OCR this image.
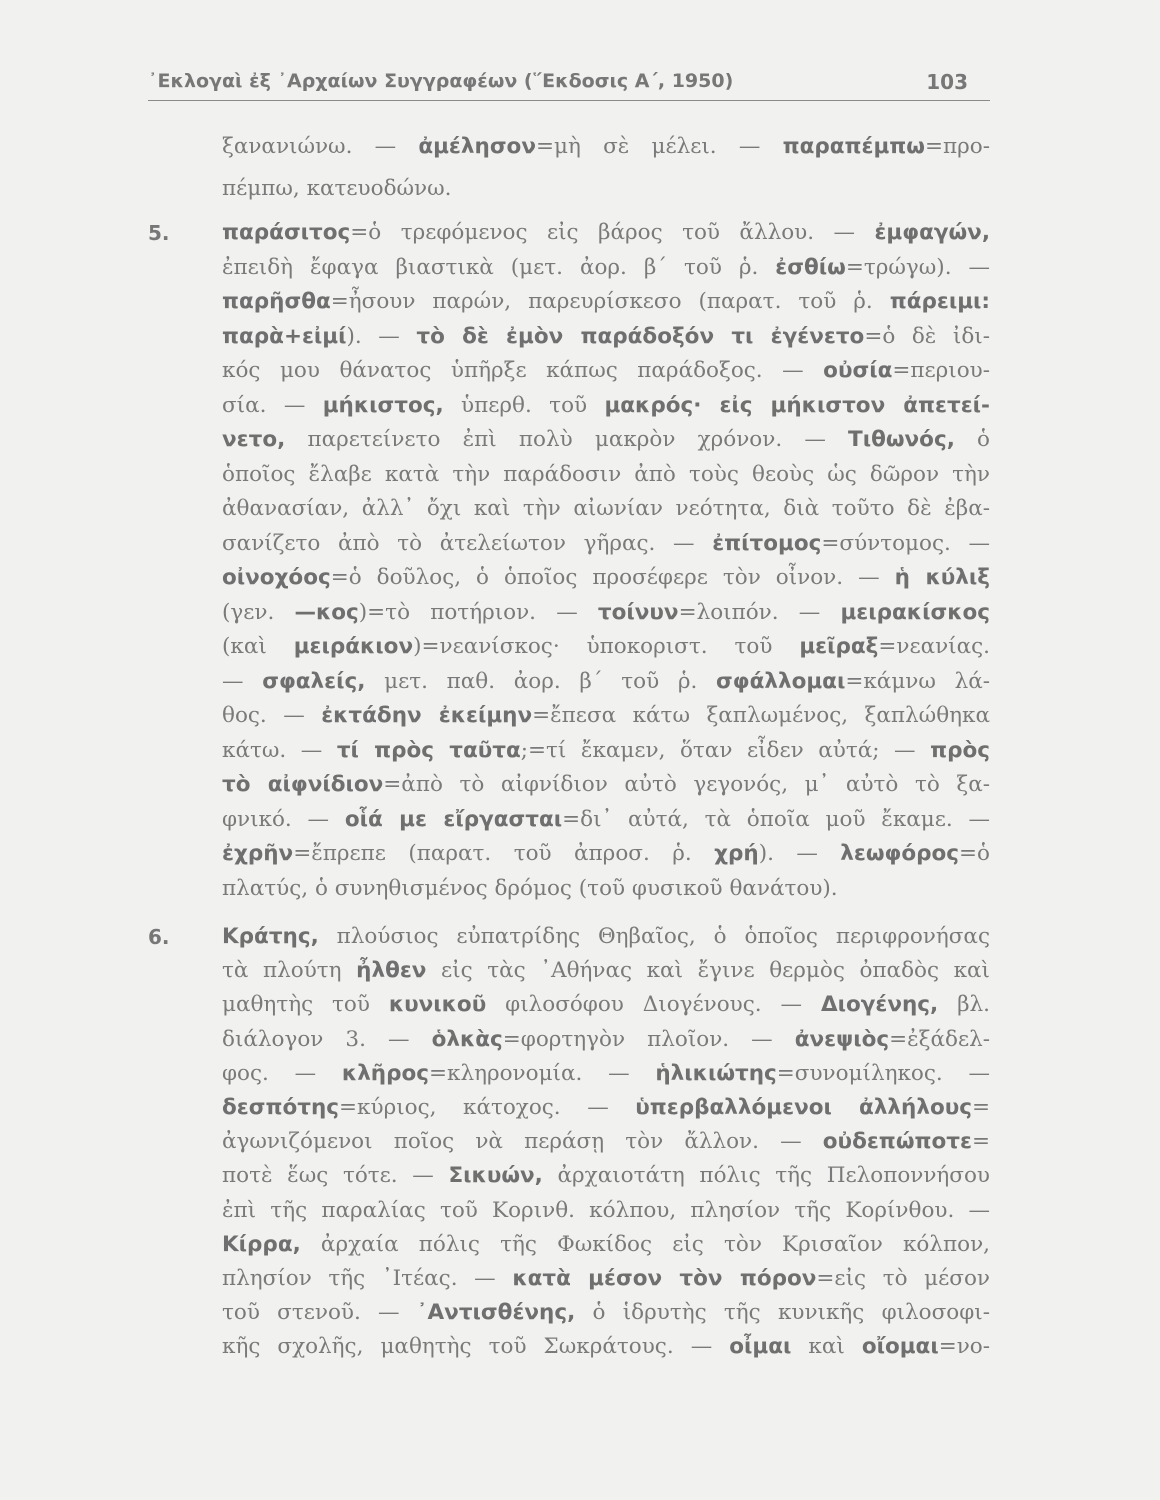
᾽Εκλογαὶ ἐξ ᾽Αρχαίων Συγγραφέων (῞Εκδοσις Α΄, 1950)	103
ξανανιώνω. — ἀμέλησον=μὴ σὲ μέλει. — παραπέμπω=προ-
πέμπω, κατευοδώνω.
5. παράσιτος=ὁ τρεφόμενος εἰς βάρος τοῦ ἄλλου. — ἐμφαγών,
ἐπειδὴ ἔφαγα βιαστικὰ (μετ. ἀορ. β΄ τοῦ ῥ. ἐσθίω=τρώγω). —
παρῆσθα=ἦσουν παρών, παρευρίσκεσο (παρατ. τοῦ ῥ. πάρειμι:
παρὰ+εἰμί). — τὸ δὲ ἐμὸν παράδοξόν τι ἐγένετο=ὁ δὲ ἰδι-
κός μου θάνατος ὑπῆρξε κάπως παράδοξος. — οὐσία=περιου-
σία. — μήκιστος, ὑπερθ. τοῦ μακρός· εἰς μήκιστον ἀπετεί-
νετο, παρετείνετο ἐπὶ πολὺ μακρὸν χρόνον. — Τιθωνός, ὁ
ὁποῖος ἔλαβε κατὰ τὴν παράδοσιν ἀπὸ τοὺς θεοὺς ὡς δῶρον τὴν
ἀθανασίαν, ἀλλ᾽ ὄχι καὶ τὴν αἰωνίαν νεότητα, διὰ τοῦτο δὲ ἐβα-
σανίζετο ἀπὸ τὸ ἀτελείωτον γῆρας. — ἐπίτομος=σύντομος. —
οἰνοχόος=ὁ δοῦλος, ὁ ὁποῖος προσέφερε τὸν οἶνον. — ἡ κύλιξ
(γεν. —κος)=τὸ ποτήριον. — τοίνυν=λοιπόν. — μειρακίσκος
(καὶ μειράκιον)=νεανίσκος· ὑποκοριστ. τοῦ μεῖραξ=νεανίας.
— σφαλείς, μετ. παθ. ἀορ. β΄ τοῦ ῥ. σφάλλομαι=κάμνω λά-
θος. — ἐκτάδην ἐκείμην=ἔπεσα κάτω ξαπλωμένος, ξαπλώθηκα
κάτω. — τί πρὸς ταῦτα;=τί ἔκαμεν, ὅταν εἶδεν αὐτά; — πρὸς
τὸ αἰφνίδιον=ἀπὸ τὸ αἰφνίδιον αὐτὸ γεγονός, μ᾽ αὐτὸ τὸ ξα-
φνικό. — οἷά με εἴργασται=δι᾽ αὐτά, τὰ ὁποῖα μοῦ ἔκαμε. —
ἐχρῆν=ἔπρεπε (παρατ. τοῦ ἀπροσ. ῥ. χρή). — λεωφόρος=ὁ
πλατύς, ὁ συνηθισμένος δρόμος (τοῦ φυσικοῦ θανάτου).
6. Κράτης, πλούσιος εὐπατρίδης Θηβαῖος, ὁ ὁποῖος περιφρονήσας
τὰ πλούτη ἦλθεν εἰς τὰς ᾽Αθήνας καὶ ἔγινε θερμὸς ὀπαδὸς καὶ
μαθητὴς τοῦ κυνικοῦ φιλοσόφου Διογένους. — Διογένης, βλ.
διάλογον 3. — ὁλκὰς=φορτηγὸν πλοῖον. — ἀνεψιὸς=ἐξάδελ-
φος. — κλῆρος=κληρονομία. — ἡλικιώτης=συνομίληκος. —
δεσπότης=κύριος, κάτοχος. — ὑπερβαλλόμενοι ἀλλήλους=
ἀγωνιζόμενοι ποῖος νὰ περάσῃ τὸν ἄλλον. — οὐδεπώποτε=
ποτὲ ἕως τότε. — Σικυών, ἀρχαιοτάτη πόλις τῆς Πελοποννήσου
ἐπὶ τῆς παραλίας τοῦ Κορινθ. κόλπου, πλησίον τῆς Κορίνθου. —
Κίρρα, ἀρχαία πόλις τῆς Φωκίδος εἰς τὸν Κρισαῖον κόλπον,
πλησίον τῆς ᾽Ιτέας. — κατὰ μέσον τὸν πόρον=εἰς τὸ μέσον
τοῦ στενοῦ. — ᾽Αντισθένης, ὁ ἱδρυτὴς τῆς κυνικῆς φιλοσοφι-
κῆς σχολῆς, μαθητὴς τοῦ Σωκράτους. — οἶμαι καὶ οἴομαι=νο-
